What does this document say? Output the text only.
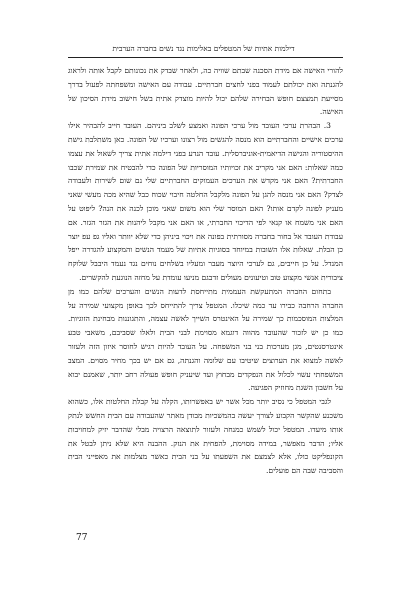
דילמות אתיות של המטפלים באלימות נגד נשים בחברה הערבית

להורי האישה אם מידת הסכנה שבתם שוויה כה, ולאחר שבדק את נכונותם לקבל אותה ולראוג להגנתה ואת יכולתם לעמוד בפני לחצים חברתיים. עבודה עם האישה ומשפחתה לפעול בדרך מסייעת תמצצם חופש הבחירה שלהם יכול להיות מוצדק אתית בשל חישוב מידת הסיכון של האישה.

3. הבהרת ערכי העובד מול ערכי הפונה ואמצע לשלב ביניהם. העובד חייב להבהיר אילו ערכים אישיים והחברתיים הוא מנסה להגשים מול רצונו וערכיו של הפונה. כאן משתלבת גישת ההיסטוריה והגישה הדיאמית-אוניברסלית. עובד הנדע בפני דילמה אתית צריך לשאול את עצמו כמה שאלות: האם אני מקריב את זכויותיו המוסריות של הפונה כדי להבטיח את שמירת שכבו החברתית? האם אני מקדש את הערכים העמוקים החברתיים שלי נם שום לשירות ולעבודה לצדק? האם אני מנסה להגן על הפונה מלקבל החלטה חיבוי שכוח כבל שהיא מכה מעשי שאני מעניק לפונה לקדם אותו? האם המוסר שלי הוא משום שאני מוכן לכנה את הנה? ליפוט על האם אני משמח או קנאי לפי הדיכוי החברתי, או האם אני מקבל ליהנות את הגזר הגזר. אם עבודת העובד אל בחור בחברה מסורתית בפונה את ויכוי ביניהן כדי שלא יוותר ואליו גפ עפ יוצר כן הבלת. שאלות אלו השובות במיוחד בסוגיות אתיות של מעמד הנשים והמקצוע להגדרה ייפל המנדל. על כן חייבים, גם לערכי היוצר מעבר ומעליו בשלחים נוחים נגד נעמד היבבל שלוקח ציבורית אנשי מקצוע טוב וטיעונים מעולים זדבגם מניעו עומדת על מחזה הנוגעת להקשרים.

בתחום החברה המתעקשת העממית מתייחסת לדעות הנשים והערכים שלהם כמו מן החברה הרחבה כבירו עד כמה שיכלו. המטפל צריך להתייחס לכך באופן מקצועי שמירה על המלצות המוסכמות כך שמירה על האינטרס השייך לאשה עצמה, והתגוננות מבחינת הזוגיות. כמו כן יש לזכור שהעובד מהווה דוגמא מסוימת לבני הבית ולאלו שסביבם, משאבי טבע אינטרסנטים, מגן מערכות בני בני המשפחה. על העובד להיות רגיש לחוסר איזון הזה ולעזור לאשה למצוא את הערוצים שיטיבו עם שלומה והגנתה, גם אם יש בכך מחיר מסוים. המצב המשפחתי עשוי לכלול את הנפקדים מבחוץ ועד שיעניק חופש פעולה רחב יותר, שאמנם יבוא על חשבון השגת מחוזיק הפגיעה.

לגבי המטפל כי נסיב יותר מכל אשר יש באפשרותו, הקלה על קבלת החלטות אלו, כשהוא משכנע שהקשר הקבוע לצורך יעשה בהמשכיות מבודן מאתר שהעבודה עם הבית החשש לנתק אותו מיעדו. המטפל יכול לשמש כמנחה ולעזור לתוצאה הרצויה מבלי שהדבר יזיק למחויבות אליו; הדבר מאפשר, במידה מסוימת, להפחית את הנזק. ההבנה היא שלא ניתן לבטל את הקונפליקט כולו, אלא לצמצם את השפעתו על בני הבית כאשר מצלמות את מאפייני הבית והסביבה שבה הם פועלים.

77
